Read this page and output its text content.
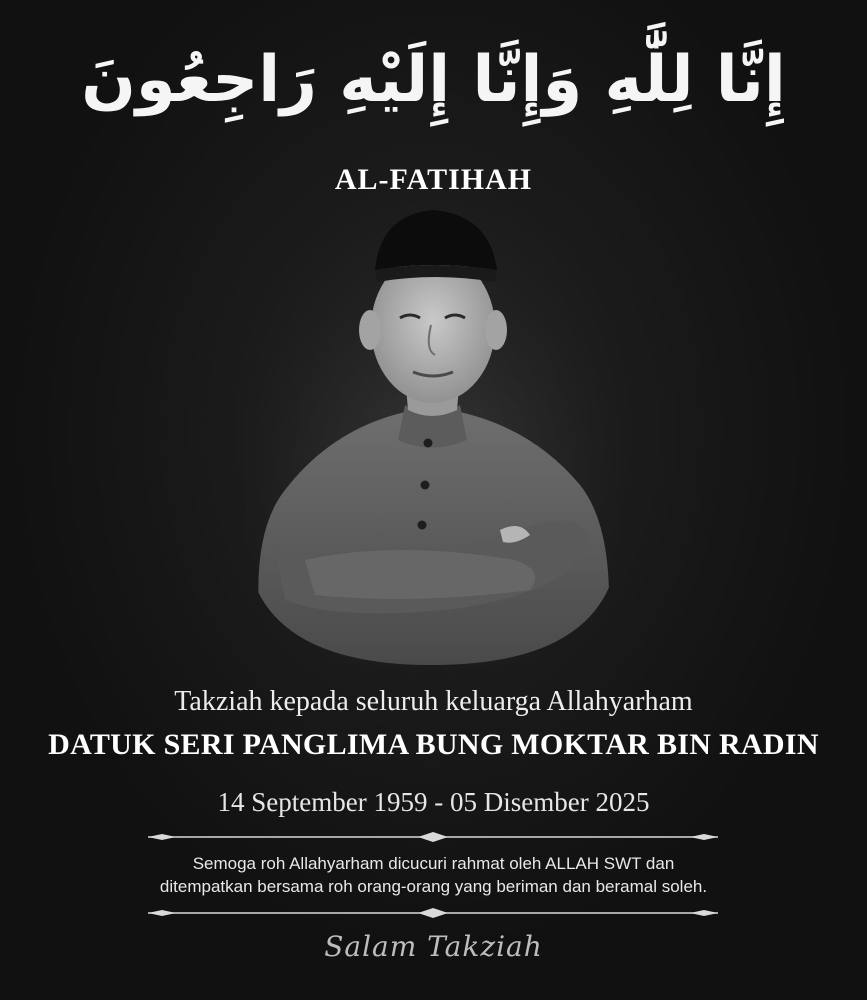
إِنَّا لِلَّٰهِ وَإِنَّا إِلَيْهِ رَاجِعُونَ
AL-FATIHAH
Takziah kepada seluruh keluarga Allahyarham
DATUK SERI PANGLIMA BUNG MOKTAR BIN RADIN
14 September 1959 - 05 Disember 2025
Semoga roh Allahyarham dicucuri rahmat oleh ALLAH SWT dan
ditempatkan bersama roh orang-orang yang beriman dan beramal soleh.
Salam Takziah
